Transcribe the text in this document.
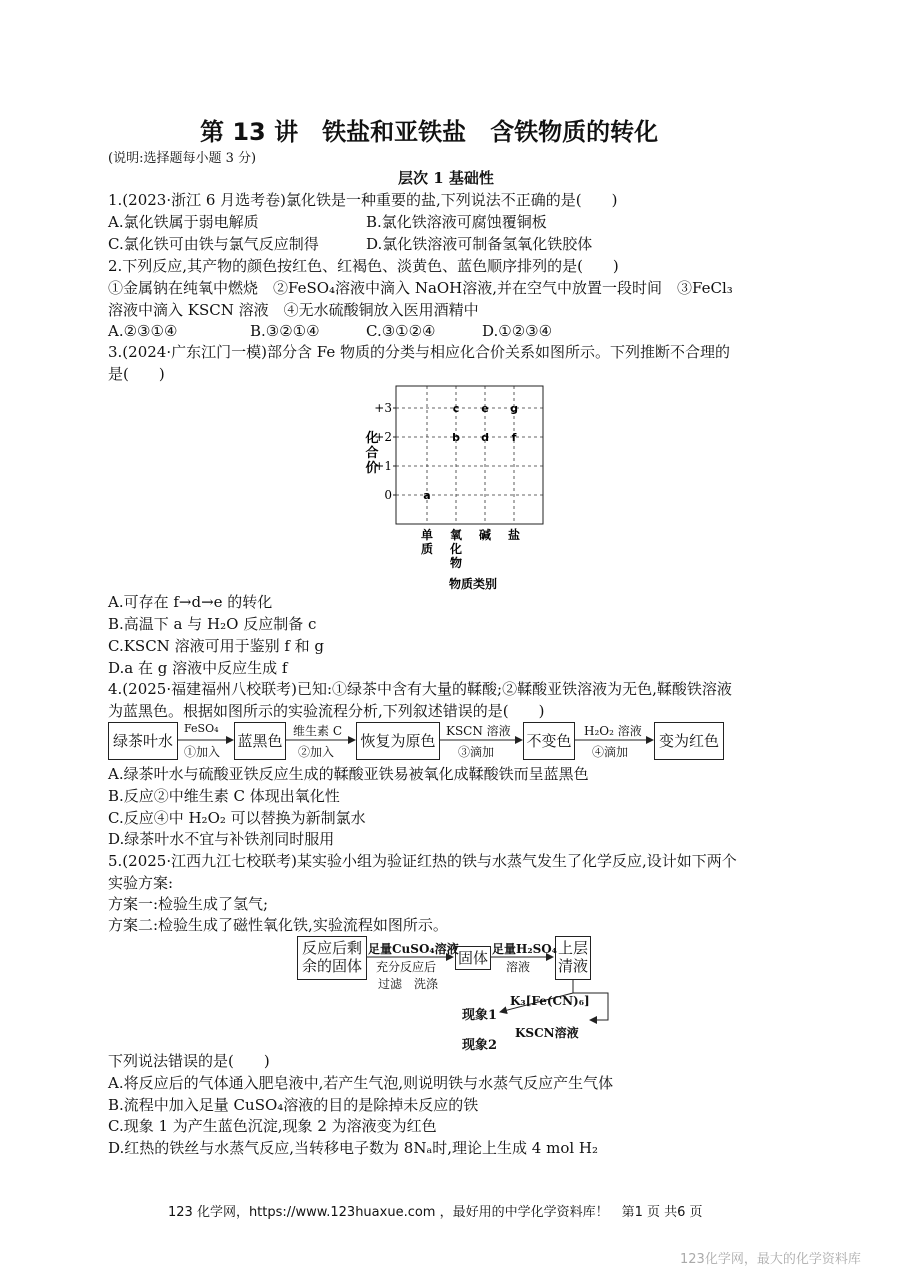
第 13 讲　铁盐和亚铁盐　含铁物质的转化
(说明:选择题每小题 3 分)
层次 1 基础性
1.(2023·浙江 6 月选考卷)氯化铁是一种重要的盐,下列说法不正确的是(　　)
A.氯化铁属于弱电解质	B.氯化铁溶液可腐蚀覆铜板
C.氯化铁可由铁与氯气反应制得	D.氯化铁溶液可制备氢氧化铁胶体
2.下列反应,其产物的颜色按红色、红褐色、淡黄色、蓝色顺序排列的是(　　)
①金属钠在纯氧中燃烧　②FeSO₄溶液中滴入 NaOH溶液,并在空气中放置一段时间　③FeCl₃
溶液中滴入 KSCN 溶液　④无水硫酸铜放入医用酒精中
A.②③①④	B.③②①④	C.③①②④	D.①②③④
3.(2024·广东江门一模)部分含 Fe 物质的分类与相应化合价关系如图所示。下列推断不合理的
是(　　)
+3
+2
+1
0
单
质
氧
化
物
碱 盐
a
b
c
d
e
f
g
化合价
物质类别
A.可存在 f→d→e 的转化
B.高温下 a 与 H₂O 反应制备 c
C.KSCN 溶液可用于鉴别 f 和 g
D.a 在 g 溶液中反应生成 f
4.(2025·福建福州八校联考)已知:①绿茶中含有大量的鞣酸;②鞣酸亚铁溶液为无色,鞣酸铁溶液
为蓝黑色。根据如图所示的实验流程分析,下列叙述错误的是(　　)
绿茶叶水	蓝黑色	恢复为原色	不变色	变为红色
FeSO₄
①加入
维生素 C
②加入
KSCN 溶液
③滴加
H₂O₂ 溶液
④滴加
A.绿茶叶水与硫酸亚铁反应生成的鞣酸亚铁易被氧化成鞣酸铁而呈蓝黑色
B.反应②中维生素 C 体现出氧化性
C.反应④中 H₂O₂ 可以替换为新制氯水
D.绿茶叶水不宜与补铁剂同时服用
5.(2025·江西九江七校联考)某实验小组为验证红热的铁与水蒸气发生了化学反应,设计如下两个
实验方案:
方案一:检验生成了氢气;
方案二:检验生成了磁性氧化铁,实验流程如图所示。
反应后剩
余的固体	固体
上层
清液
足量CuSO₄溶液
充分反应后
过滤　洗涤
足量H₂SO₄
溶液
K₃[Fe(CN)₆]
KSCN溶液
现象1
现象2
下列说法错误的是(　　)
A.将反应后的气体通入肥皂液中,若产生气泡,则说明铁与水蒸气反应产生气体
B.流程中加入足量 CuSO₄溶液的目的是除掉未反应的铁
C.现象 1 为产生蓝色沉淀,现象 2 为溶液变为红色
D.红热的铁丝与水蒸气反应,当转移电子数为 8Nₐ时,理论上生成 4 mol H₂
123 化学网，https://www.123huaxue.com ，最好用的中学化学资料库！　第1 页 共6 页
123化学网，最大的化学资料库
